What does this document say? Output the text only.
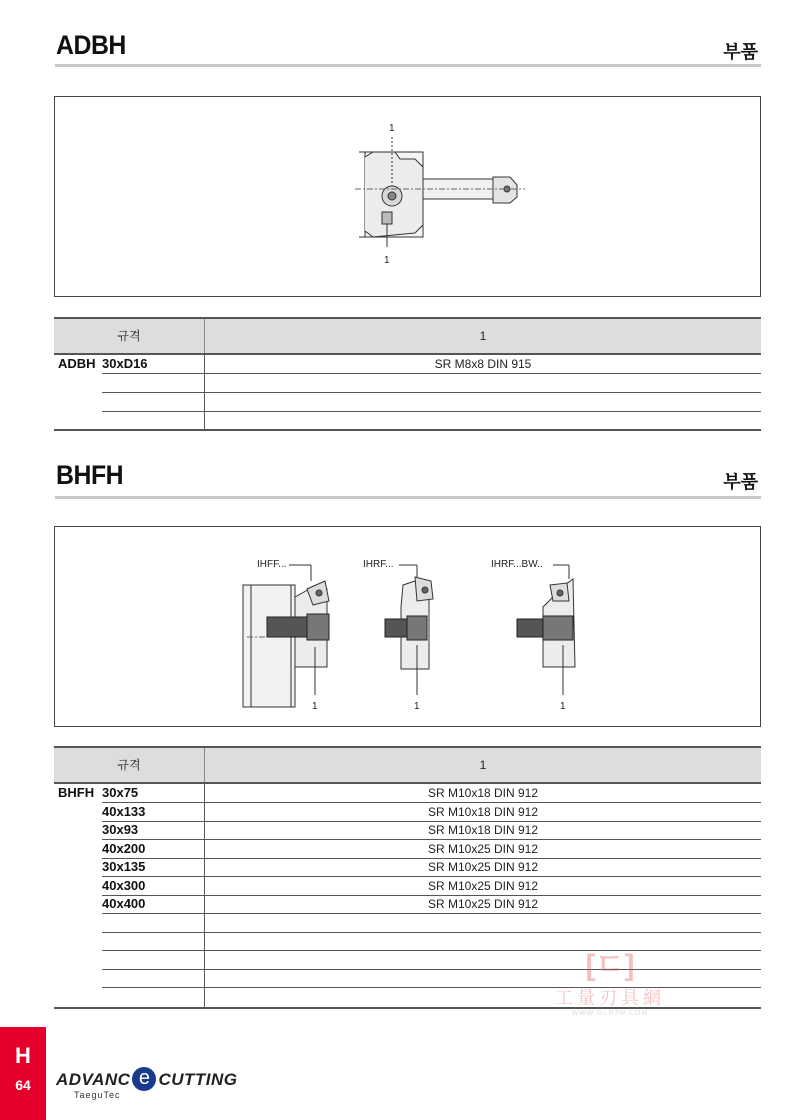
ADBH	부품
1
1
규격	1
ADBH 30xD16	SR M8x8 DIN 915
BHFH	부품
IHFF...	IHRF...	IHRF...BW..
1	1	1
규격	1
BHFH 30x75	SR M10x18 DIN 912
40x133	SR M10x18 DIN 912
30x93	SR M10x18 DIN 912
40x200	SR M10x25 DIN 912
30x135	SR M10x25 DIN 912
40x300	SR M10x25 DIN 912
40x400	SR M10x25 DIN 912
[ㄷ]
工量刃具網
WWW.GLRJW.COM
H
64	ADVANC e CUTTING
TaeguTec
